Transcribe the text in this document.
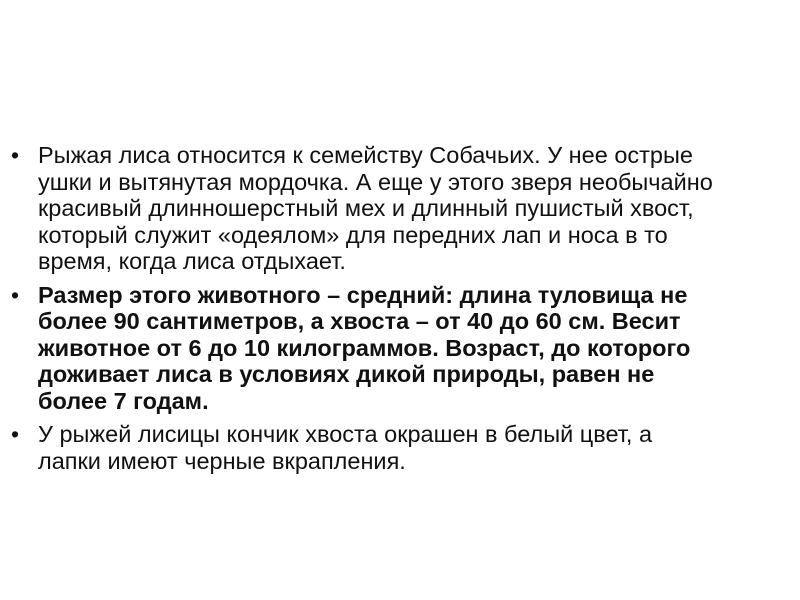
• Рыжая лиса относится к семейству Собачьих. У нее острые ушки и вытянутая мордочка. А еще у этого зверя необычайно красивый длинношерстный мех и длинный пушистый хвост, который служит «одеялом» для передних лап и носа в то время, когда лиса отдыхает.
• Размер этого животного – средний: длина туловища не более 90 сантиметров, а хвоста – от 40 до 60 см. Весит животное от 6 до 10 килограммов. Возраст, до которого доживает лиса в условиях дикой природы, равен не более 7 годам.
• У рыжей лисицы кончик хвоста окрашен в белый цвет, а лапки имеют черные вкрапления.
